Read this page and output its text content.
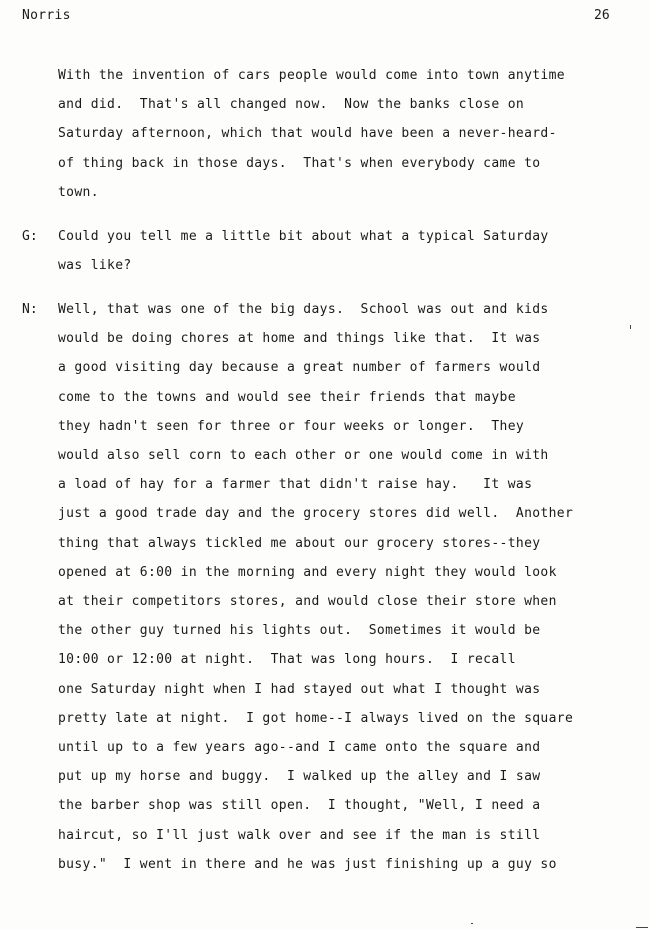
Norris	26
With the invention of cars people would come into town anytime
and did.  That's all changed now.  Now the banks close on
Saturday afternoon, which that would have been a never-heard-
of thing back in those days.  That's when everybody came to
town.
G: Could you tell me a little bit about what a typical Saturday
was like?
N: Well, that was one of the big days.  School was out and kids
would be doing chores at home and things like that.  It was
a good visiting day because a great number of farmers would
come to the towns and would see their friends that maybe
they hadn't seen for three or four weeks or longer.  They
would also sell corn to each other or one would come in with
a load of hay for a farmer that didn't raise hay.   It was
just a good trade day and the grocery stores did well.  Another
thing that always tickled me about our grocery stores--they
opened at 6:00 in the morning and every night they would look
at their competitors stores, and would close their store when
the other guy turned his lights out.  Sometimes it would be
10:00 or 12:00 at night.  That was long hours.  I recall
one Saturday night when I had stayed out what I thought was
pretty late at night.  I got home--I always lived on the square
until up to a few years ago--and I came onto the square and
put up my horse and buggy.  I walked up the alley and I saw
the barber shop was still open.  I thought, "Well, I need a
haircut, so I'll just walk over and see if the man is still
busy."  I went in there and he was just finishing up a guy so
